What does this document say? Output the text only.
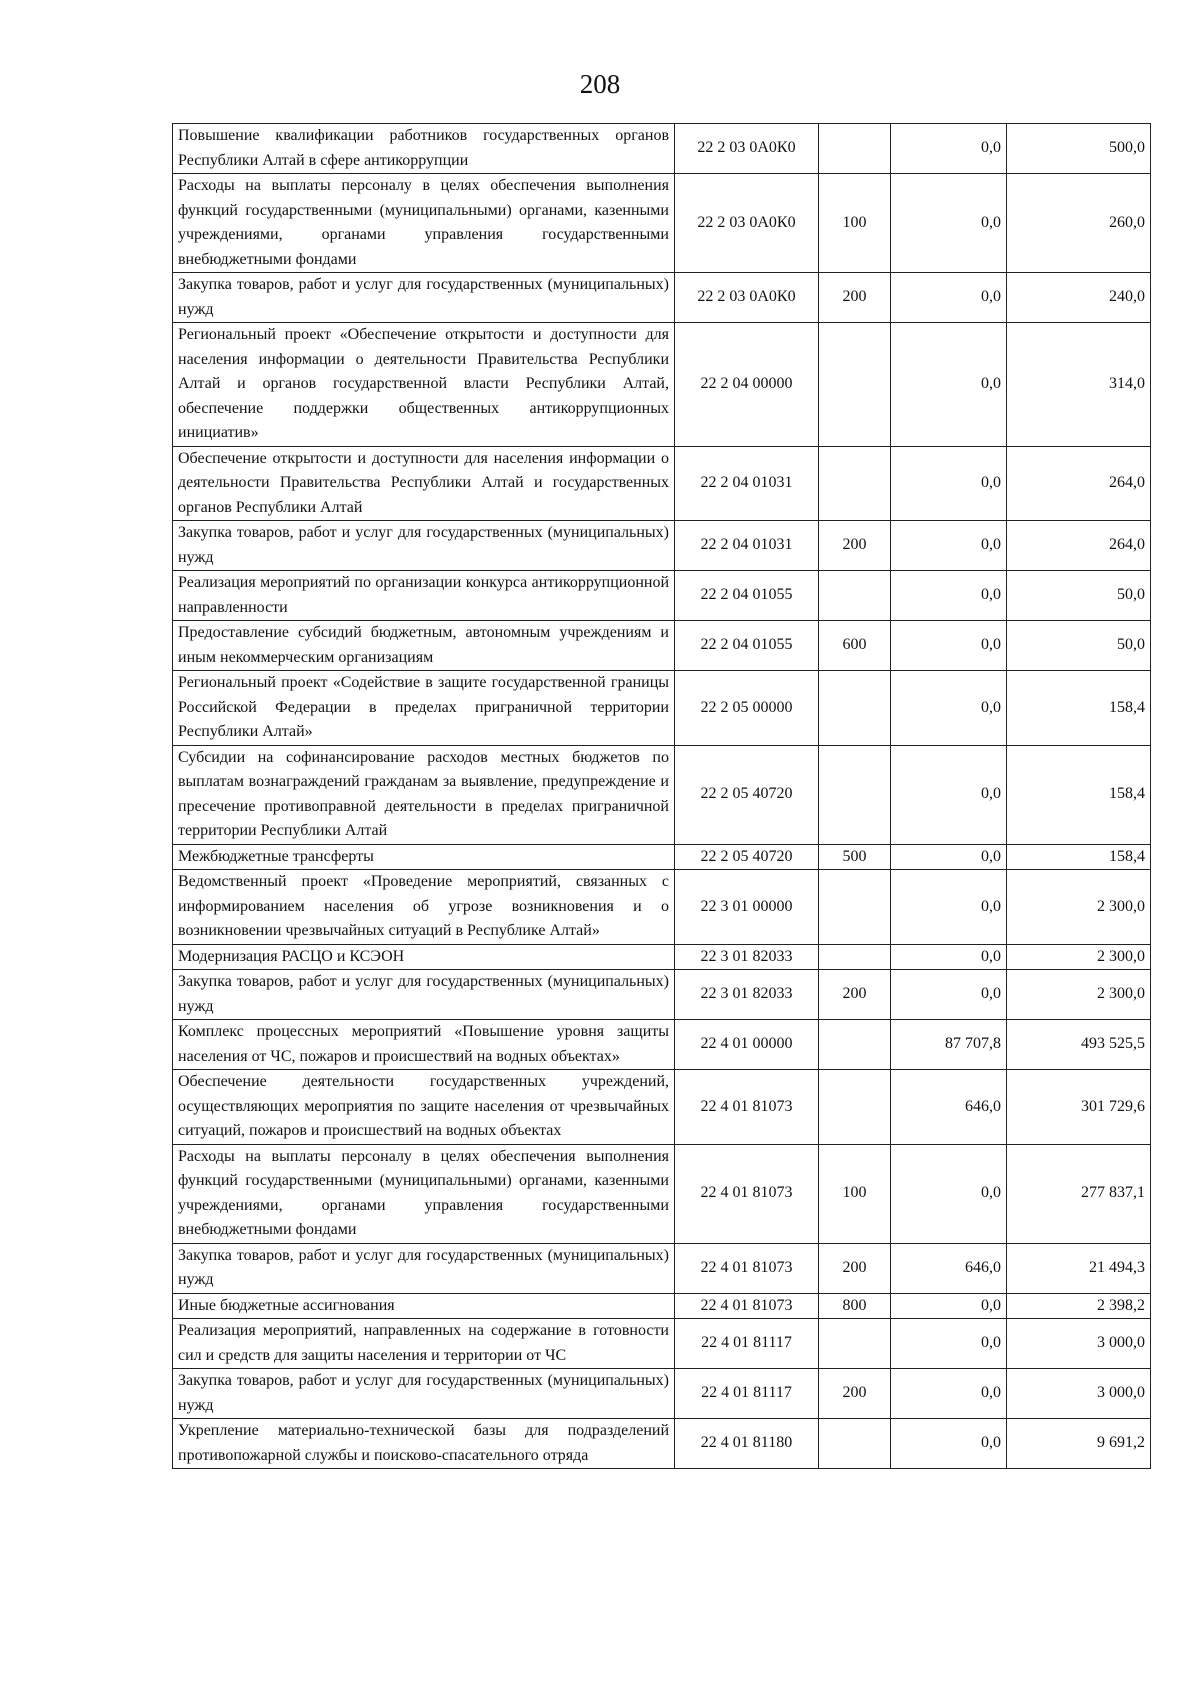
208
Повышение квалификации работников государственных органов Республики Алтай в сфере антикоррупции	22 2 03 0А0К0		0,0	500,0
Расходы на выплаты персоналу в целях обеспечения выполнения функций государственными (муниципальными) органами, казенными учреждениями, органами управления государственными внебюджетными фондами	22 2 03 0А0К0	100	0,0	260,0
Закупка товаров, работ и услуг для государственных (муниципальных) нужд	22 2 03 0А0К0	200	0,0	240,0
Региональный проект «Обеспечение открытости и доступности для населения информации о деятельности Правительства Республики Алтай и органов государственной власти Республики Алтай, обеспечение поддержки общественных антикоррупционных инициатив»	22 2 04 00000		0,0	314,0
Обеспечение открытости и доступности для населения информации о деятельности Правительства Республики Алтай и государственных органов Республики Алтай	22 2 04 01031		0,0	264,0
Закупка товаров, работ и услуг для государственных (муниципальных) нужд	22 2 04 01031	200	0,0	264,0
Реализация мероприятий по организации конкурса антикоррупционной направленности	22 2 04 01055		0,0	50,0
Предоставление субсидий бюджетным, автономным учреждениям и иным некоммерческим организациям	22 2 04 01055	600	0,0	50,0
Региональный проект «Содействие в защите государственной границы Российской Федерации в пределах приграничной территории Республики Алтай»	22 2 05 00000		0,0	158,4
Субсидии на софинансирование расходов местных бюджетов по выплатам вознаграждений гражданам за выявление, предупреждение и пресечение противоправной деятельности в пределах приграничной территории Республики Алтай	22 2 05 40720		0,0	158,4
Межбюджетные трансферты	22 2 05 40720	500	0,0	158,4
Ведомственный проект «Проведение мероприятий, связанных с информированием населения об угрозе возникновения и о возникновении чрезвычайных ситуаций в Республике Алтай»	22 3 01 00000		0,0	2 300,0
Модернизация РАСЦО и КСЭОН	22 3 01 82033		0,0	2 300,0
Закупка товаров, работ и услуг для государственных (муниципальных) нужд	22 3 01 82033	200	0,0	2 300,0
Комплекс процессных мероприятий «Повышение уровня защиты населения от ЧС, пожаров и происшествий на водных объектах»	22 4 01 00000		87 707,8	493 525,5
Обеспечение деятельности государственных учреждений, осуществляющих мероприятия по защите населения от чрезвычайных ситуаций, пожаров и происшествий на водных объектах	22 4 01 81073		646,0	301 729,6
Расходы на выплаты персоналу в целях обеспечения выполнения функций государственными (муниципальными) органами, казенными учреждениями, органами управления государственными внебюджетными фондами	22 4 01 81073	100	0,0	277 837,1
Закупка товаров, работ и услуг для государственных (муниципальных) нужд	22 4 01 81073	200	646,0	21 494,3
Иные бюджетные ассигнования	22 4 01 81073	800	0,0	2 398,2
Реализация мероприятий, направленных на содержание в готовности сил и средств для защиты населения и территории от ЧС	22 4 01 81117		0,0	3 000,0
Закупка товаров, работ и услуг для государственных (муниципальных) нужд	22 4 01 81117	200	0,0	3 000,0
Укрепление материально-технической базы для подразделений противопожарной службы и поисково-спасательного отряда	22 4 01 81180		0,0	9 691,2
